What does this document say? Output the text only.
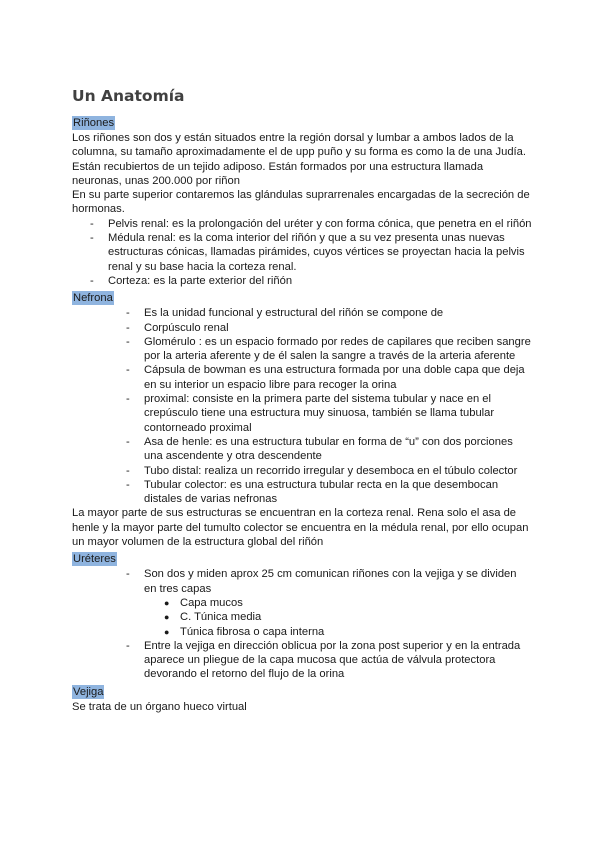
Un Anatomía
Riñones

Los riñones son dos y están situados entre la región dorsal y lumbar a ambos lados de la columna, su tamaño aproximadamente el de upp puño y su forma es como la de una Judía.

Están recubiertos de un tejido adiposo. Están formados por una estructura llamada neuronas, unas 200.000 por riñon

En su parte superior contaremos las glándulas suprarrenales encargadas de la secreción de hormonas.

- Pelvis renal: es la prolongación del uréter y con forma cónica, que penetra en el riñón
- Médula renal: es la coma interior del riñón y que a su vez presenta unas nuevas estructuras cónicas, llamadas pirámides, cuyos vértices se proyectan hacia la pelvis renal y su base hacia la corteza renal.
- Corteza: es la parte exterior del riñón
Nefrona
- Es la unidad funcional y estructural del riñón se compone de
- Corpúsculo renal
- Glomérulo : es un espacio formado por redes de capilares que reciben sangre por la arteria aferente y de él salen la sangre a través de la arteria aferente
- Cápsula de bowman es una estructura formada por una doble capa que deja en su interior un espacio libre para recoger la orina
- proximal: consiste en la primera parte del sistema tubular y nace en el crepúsculo tiene una estructura muy sinuosa, también se llama tubular contorneado proximal
- Asa de henle: es una estructura tubular en forma de “u” con dos porciones una ascendente y otra descendente
- Tubo distal: realiza un recorrido irregular y desemboca en el túbulo colector
- Tubular colector: es una estructura tubular recta en la que desembocan distales de varias nefronas

La mayor parte de sus estructuras se encuentran en la corteza renal. Rena solo el asa de henle y la mayor parte del tumulto colector se encuentra en la médula renal, por ello ocupan un mayor volumen de la estructura global del riñón

Uréteres
- Son dos y miden aprox 25 cm comunican riñones con la vejiga y se dividen en tres capas
● Capa mucos
● C. Túnica media
● Túnica fibrosa o capa interna
- Entre la vejiga en dirección oblicua por la zona post superior y en la entrada aparece un pliegue de la capa mucosa que actúa de válvula protectora devorando el retorno del flujo de la orina
Vejiga

Se trata de un órgano hueco virtual
